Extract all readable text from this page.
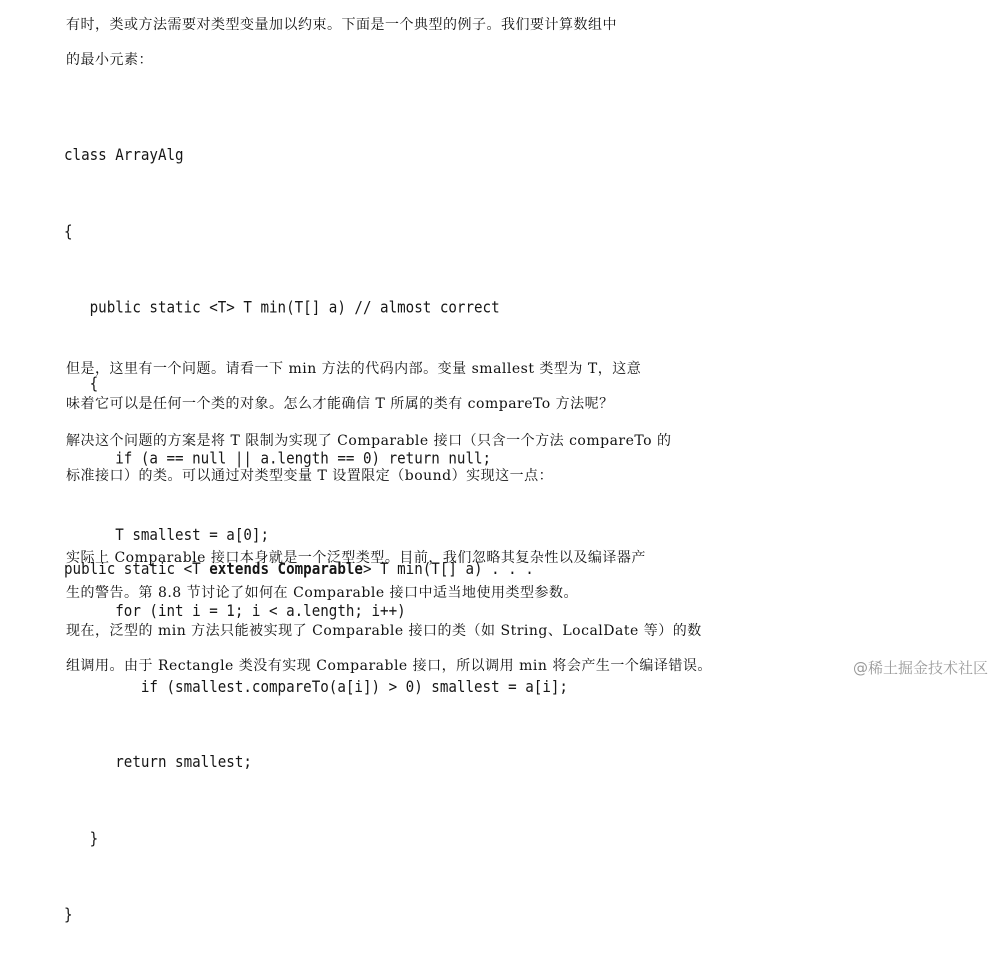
有时，类或方法需要对类型变量加以约束。下面是一个典型的例子。我们要计算数组中
的最小元素：

class ArrayAlg

{

public static <T> T min(T[] a) // almost correct

{

if (a == null || a.length == 0) return null;

T smallest = a[0];

for (int i = 1; i < a.length; i++)

if (smallest.compareTo(a[i]) > 0) smallest = a[i];

return smallest;

}

}

但是，这里有一个问题。请看一下 min 方法的代码内部。变量 smallest 类型为 T，这意
味着它可以是任何一个类的对象。怎么才能确信 T 所属的类有 compareTo 方法呢？
解决这个问题的方案是将 T 限制为实现了 Comparable 接口（只含一个方法 compareTo 的
标准接口）的类。可以通过对类型变量 T 设置限定（bound）实现这一点：

public static <T extends Comparable> T min(T[] a) . . .

实际上 Comparable 接口本身就是一个泛型类型。目前，我们忽略其复杂性以及编译器产
生的警告。第 8.8 节讨论了如何在 Comparable 接口中适当地使用类型参数。
现在，泛型的 min 方法只能被实现了 Comparable 接口的类（如 String、LocalDate 等）的数
组调用。由于 Rectangle 类没有实现 Comparable 接口，所以调用 min 将会产生一个编译错误。	@稀土掘金技术社区
